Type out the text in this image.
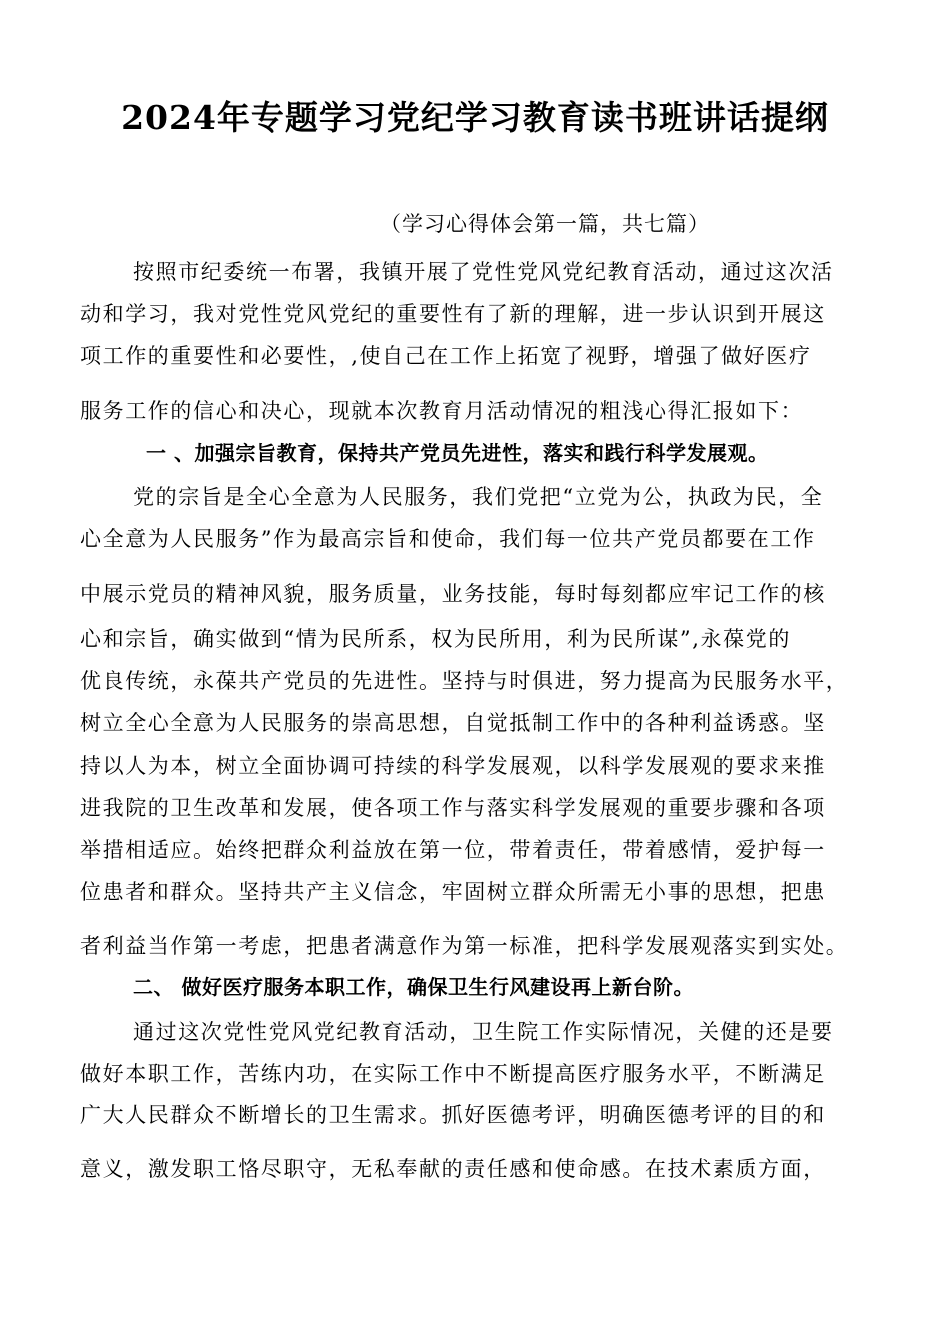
2024年专题学习党纪学习教育读书班讲话提纲
（学习心得体会第一篇，共七篇）
按照市纪委统一布署，我镇开展了党性党风党纪教育活动，通过这次活
动和学习，我对党性党风党纪的重要性有了新的理解，进一步认识到开展这
项工作的重要性和必要性，,使自己在工作上拓宽了视野，增强了做好医疗
服务工作的信心和决心，现就本次教育月活动情况的粗浅心得汇报如下：
一 、加强宗旨教育，保持共产党员先进性，落实和践行科学发展观。
党的宗旨是全心全意为人民服务，我们党把“立党为公，执政为民，全
心全意为人民服务”作为最高宗旨和使命，我们每一位共产党员都要在工作
中展示党员的精神风貌，服务质量，业务技能，每时每刻都应牢记工作的核
心和宗旨，确实做到“情为民所系，权为民所用，利为民所谋”,永葆党的
优良传统，永葆共产党员的先进性。坚持与时俱进，努力提高为民服务水平，
树立全心全意为人民服务的崇高思想，自觉抵制工作中的各种利益诱惑。坚
持以人为本，树立全面协调可持续的科学发展观，以科学发展观的要求来推
进我院的卫生改革和发展，使各项工作与落实科学发展观的重要步骤和各项
举措相适应。始终把群众利益放在第一位，带着责任，带着感情，爱护每一
位患者和群众。坚持共产主义信念，牢固树立群众所需无小事的思想，把患
者利益当作第一考虑，把患者满意作为第一标准，把科学发展观落实到实处。
二、 做好医疗服务本职工作，确保卫生行风建设再上新台阶。
通过这次党性党风党纪教育活动，卫生院工作实际情况，关健的还是要
做好本职工作，苦练内功，在实际工作中不断提高医疗服务水平，不断满足
广大人民群众不断增长的卫生需求。抓好医德考评，明确医德考评的目的和
意义，激发职工恪尽职守，无私奉献的责任感和使命感。在技术素质方面，
